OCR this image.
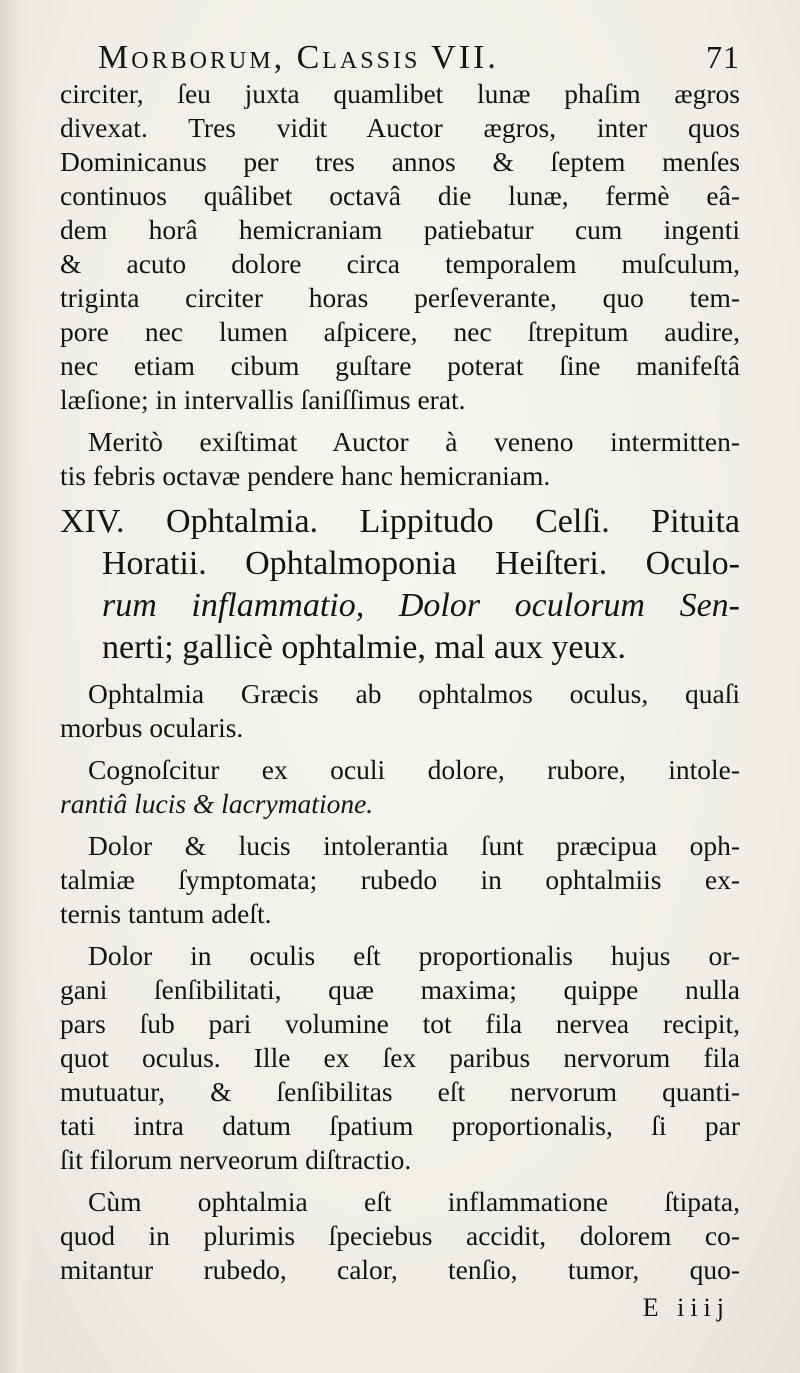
Morborum, Classis VII.	71
circiter, ſeu juxta quamlibet lunæ phaſim ægros
divexat. Tres vidit Auctor ægros, inter quos
Dominicanus per tres annos & ſeptem menſes
continuos quâlibet octavâ die lunæ, fermè eâ-
dem horâ hemicraniam patiebatur cum ingenti
& acuto dolore circa temporalem muſculum,
triginta circiter horas perſeverante, quo tem-
pore nec lumen aſpicere, nec ſtrepitum audire,
nec etiam cibum guſtare poterat ſine manifeſtâ
læſione; in intervallis ſaniſſimus erat.
Meritò exiſtimat Auctor à veneno intermitten-
tis febris octavæ pendere hanc hemicraniam.
XIV. Ophtalmia. Lippitudo Celſi. Pituita
Horatii. Ophtalmoponia Heiſteri. Oculo-
rum inflammatio, Dolor oculorum Sen-
nerti; gallicè ophtalmie, mal aux yeux.
Ophtalmia Græcis ab ophtalmos oculus, quaſi
morbus ocularis.
Cognoſcitur ex oculi dolore, rubore, intole-
rantiâ lucis & lacrymatione.
Dolor & lucis intolerantia ſunt præcipua oph-
talmiæ ſymptomata; rubedo in ophtalmiis ex-
ternis tantum adeſt.
Dolor in oculis eſt proportionalis hujus or-
gani ſenſibilitati, quæ maxima; quippe nulla
pars ſub pari volumine tot fila nervea recipit,
quot oculus. Ille ex ſex paribus nervorum fila
mutuatur, & ſenſibilitas eſt nervorum quanti-
tati intra datum ſpatium proportionalis, ſi par
ſit filorum nerveorum diſtractio.
Cùm ophtalmia eſt inflammatione ſtipata,
quod in plurimis ſpeciebus accidit, dolorem co-
mitantur rubedo, calor, tenſio, tumor, quo-
E iiij
